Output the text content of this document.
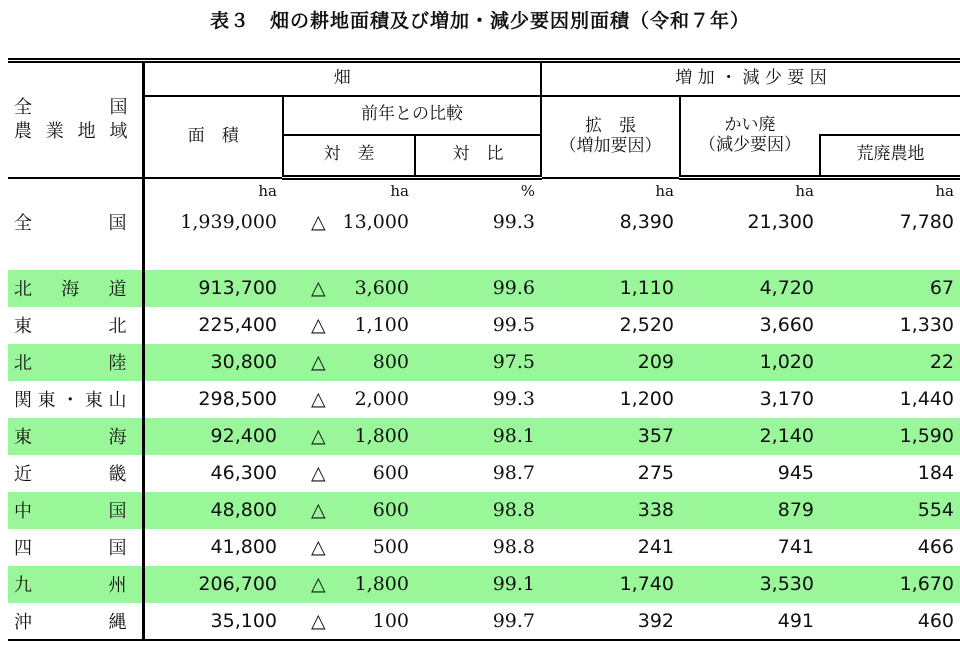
表３　畑の耕地面積及び増加・減少要因別面積（令和７年）
全　　　国 農業地域	畑			増 加 ・ 減 少 要 因		
	面　積	前年との比較		拡　張
（増加要因）	かい廃
（減少要因）	
		対　差	対　比			荒廃農地
	ha	ha	%	ha	ha	ha
全　　　国	1,939,000	△ 13,000	99.3	8,390	21,300	7,780

北　海　道	913,700	△ 3,600	99.6	1,110	4,720	67
東　　　北	225,400	△ 1,100	99.5	2,520	3,660	1,330
北　　　陸	30,800	△ 800	97.5	209	1,020	22
関東・東山	298,500	△ 2,000	99.3	1,200	3,170	1,440
東　　　海	92,400	△ 1,800	98.1	357	2,140	1,590
近　　　畿	46,300	△ 600	98.7	275	945	184
中　　　国	48,800	△ 600	98.8	338	879	554
四　　　国	41,800	△ 500	98.8	241	741	466
九　　　州	206,700	△ 1,800	99.1	1,740	3,530	1,670
沖　　　縄	35,100	△ 100	99.7	392	491	460
